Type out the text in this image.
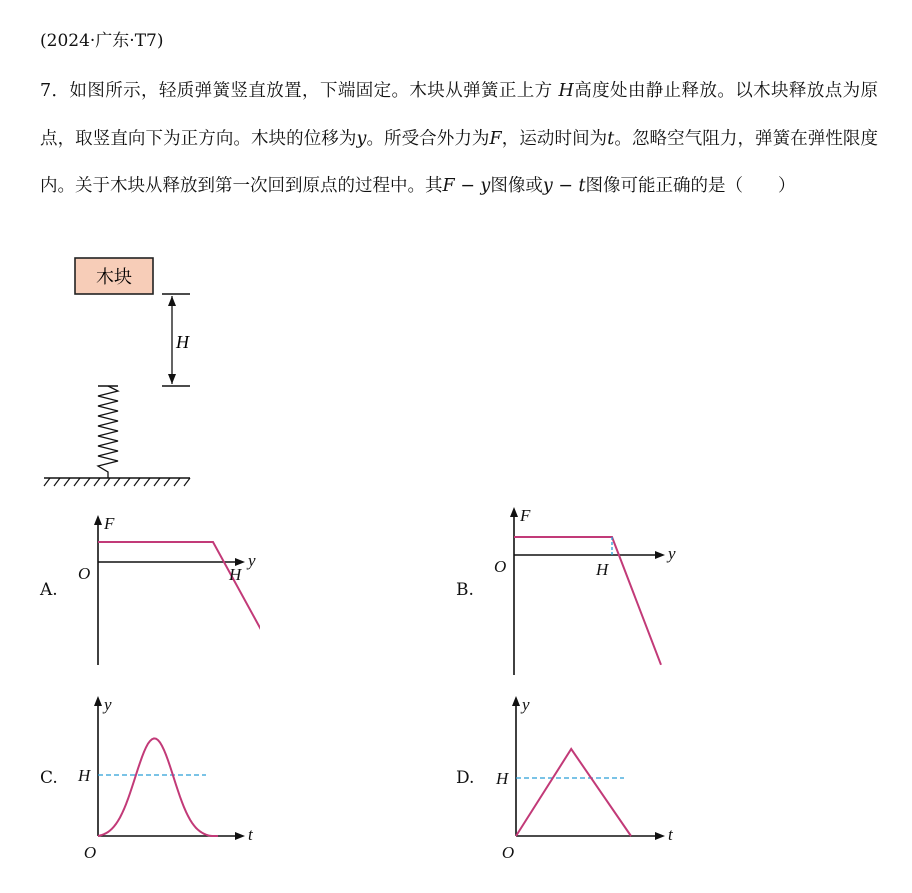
(2024·广东·T7)
7．如图所示，轻质弹簧竖直放置，下端固定。木块从弹簧正上方 H高度处由静止释放。以木块释放点为原点，取竖直向下为正方向。木块的位移为y。所受合外力为F，运动时间为t。忽略空气阻力，弹簧在弹性限度内。关于木块从释放到第一次回到原点的过程中。其F − y图像或y − t图像可能正确的是（　　）
木块
H
A.	B.
C.	D.
F
y
O	H
F
y
O	H
y
t
H
O
y
t
H
O
